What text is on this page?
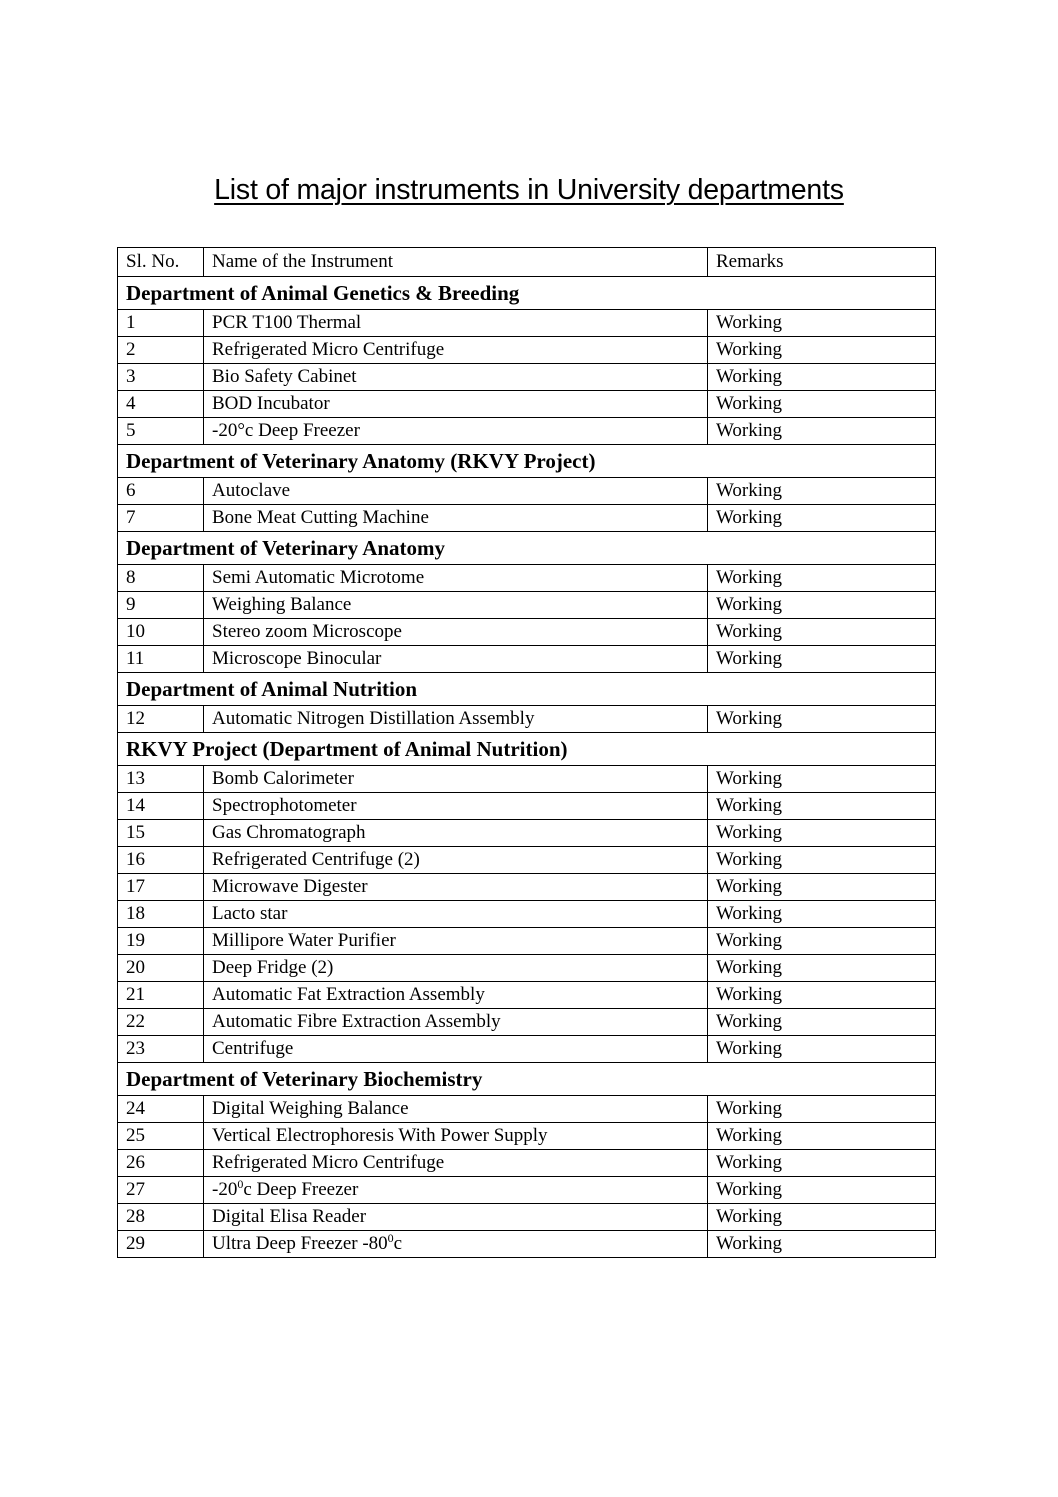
List of major instruments in University departments
Sl. No.	Name of the Instrument	Remarks
Department of Animal Genetics & Breeding		
1	PCR T100 Thermal	Working
2	Refrigerated Micro Centrifuge	Working
3	Bio Safety Cabinet	Working
4	BOD Incubator	Working
5	-20°c Deep Freezer	Working
Department of Veterinary Anatomy (RKVY Project)		
6	Autoclave	Working
7	Bone Meat Cutting Machine	Working
Department of Veterinary Anatomy		
8	Semi Automatic Microtome	Working
9	Weighing Balance	Working
10	Stereo zoom Microscope	Working
11	Microscope Binocular	Working
Department of Animal Nutrition		
12	Automatic Nitrogen Distillation Assembly	Working
RKVY Project (Department of Animal Nutrition)		
13	Bomb Calorimeter	Working
14	Spectrophotometer	Working
15	Gas Chromatograph	Working
16	Refrigerated Centrifuge (2)	Working
17	Microwave Digester	Working
18	Lacto star	Working
19	Millipore Water Purifier	Working
20	Deep Fridge (2)	Working
21	Automatic Fat Extraction Assembly	Working
22	Automatic Fibre Extraction Assembly	Working
23	Centrifuge	Working
Department of Veterinary Biochemistry		
24	Digital Weighing Balance	Working
25	Vertical Electrophoresis With Power Supply	Working
26	Refrigerated Micro Centrifuge	Working
27	$-20^0c$ Deep Freezer	Working
28	Digital Elisa Reader	Working
29	Ultra Deep Freezer $-80^0c$	Working
